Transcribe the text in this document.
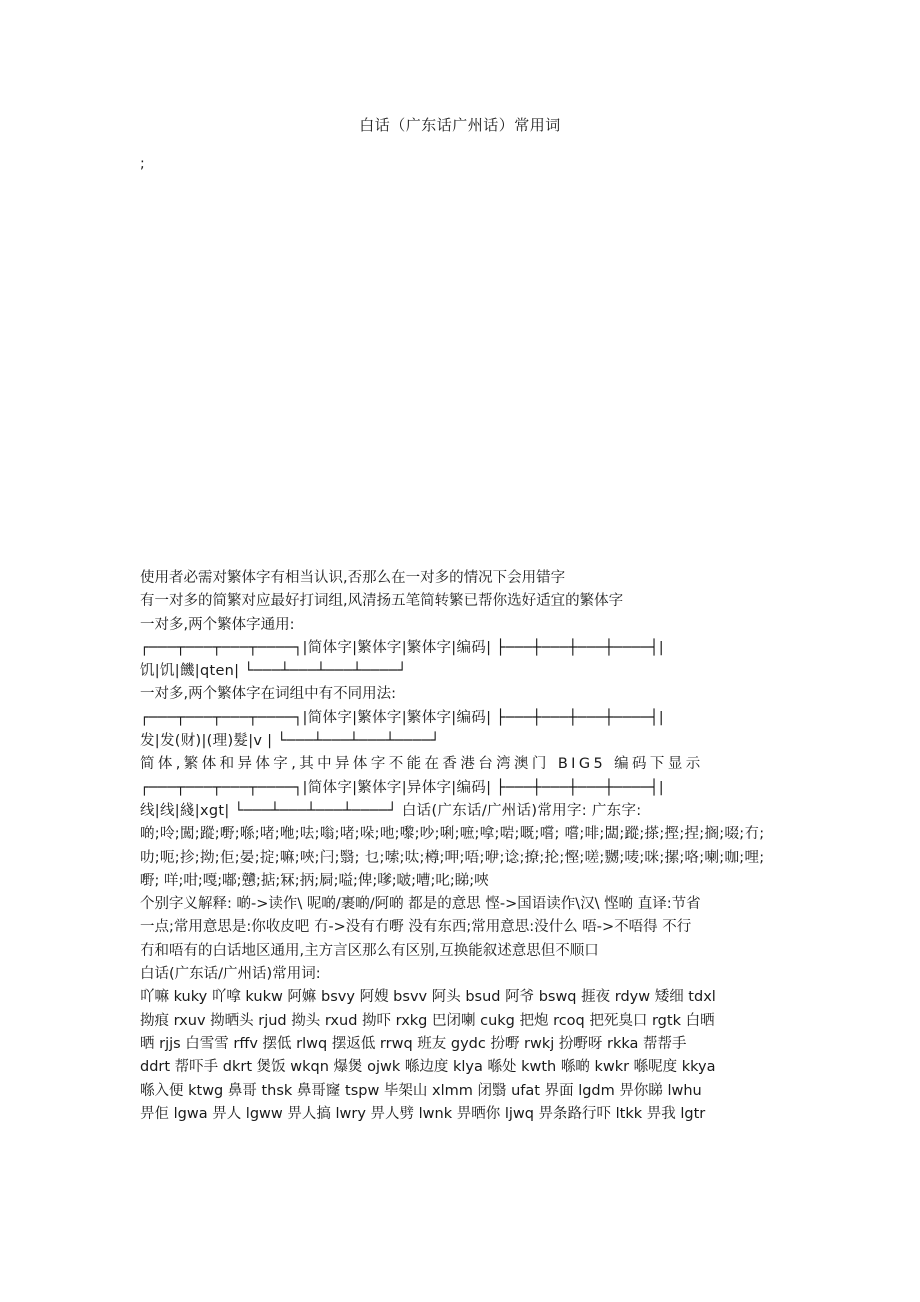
白话（广东话广州话）常用词
;

使用者必需对繁体字有相当认识,否那么在一对多的情况下会用错字

有一对多的简繁对应最好打词组,风清扬五笔简转繁已帮你选好适宜的繁体字

一对多,两个繁体字通用:

┌───┬───┬───┬────┐|简体字|繁体字|繁体字|编码| ├───┼───┼───┼────┤|

饥|饥|饑|qten| └───┴───┴───┴────┘

一对多,两个繁体字在词组中有不同用法:

┌───┬───┬───┬────┐|简体字|繁体字|繁体字|编码| ├───┼───┼───┼────┤|

发|发(财)|(理)髮|v | └───┴───┴───┴────┘

简体,繁体和异体字,其中异体字不能在香港台湾澳门 BIG5 编码下显示

┌───┬───┬───┬────┐|简体字|繁体字|异体字|编码| ├───┼───┼───┼────┤|

线|线|綫|xgt| └───┴───┴───┴────┘ 白话(广东话/广州话)常用字: 广东字:

啲;呤;闖;蹤;嘢;喺;啫;咃;呿;嗡;啫;哚;吔;嚟;吵;唎;嗻;嗱;啱;嘅;嚐; 嚐;啡;闆;蹤;搽;摼;捏;搁;啜;冇;

叻;呃;抮;拗;佢;晏;掟;嘛;唊;闩;翳; 乜;嗦;呔;樽;呷;唔;咿;谂;撩;抡;慳;嗟;嬲;唛;咪;摞;咯;喇;咖;哩;

嘢; 咩;咁;嘎;嘟;戇;掂;冧;抦;屙;嗌;俾;嗲;啵;嘈;叱;睇;唊

个别字义解释: 啲->读作\ 呢啲/裹啲/阿啲 都是的意思 悭->国语读作\汉\ 悭啲 直译:节省

一点;常用意思是:你收皮吧 冇->没有冇嘢 没有东西;常用意思:没什么 唔->不唔得 不行

冇和唔有的白话地区通用,主方言区那么有区别,互换能叙述意思但不顺口

白话(广东话/广州话)常用词:

吖嘛 kuky 吖嗱 kukw 阿嫲 bsvy 阿嫂 bsvv 阿头 bsud 阿爷 bswq 捱夜 rdyw 矮细 tdxl

拗痕 rxuv 拗晒头 rjud 拗头 rxud 拗吓 rxkg 巴闭喇 cukg 把炮 rcoq 把死臭口 rgtk 白晒

晒 rjjs 白雪雪 rffv 摆低 rlwq 摆返低 rrwq 班友 gydc 扮嘢 rwkj 扮嘢呀 rkka 帮帮手

ddrt 帮吓手 dkrt 煲饭 wkqn 爆煲 ojwk 喺边度 klya 喺处 kwth 喺啲 kwkr 喺呢度 kkya

喺入便 ktwg 鼻哥 thsk 鼻哥窿 tspw 毕架山 xlmm 闭翳 ufat 界面 lgdm 畀你睇 lwhu

畀佢 lgwa 畀人 lgww 畀人搞 lwry 畀人劈 lwnk 畀晒你 ljwq 畀条路行吓 ltkk 畀我 lgtr
